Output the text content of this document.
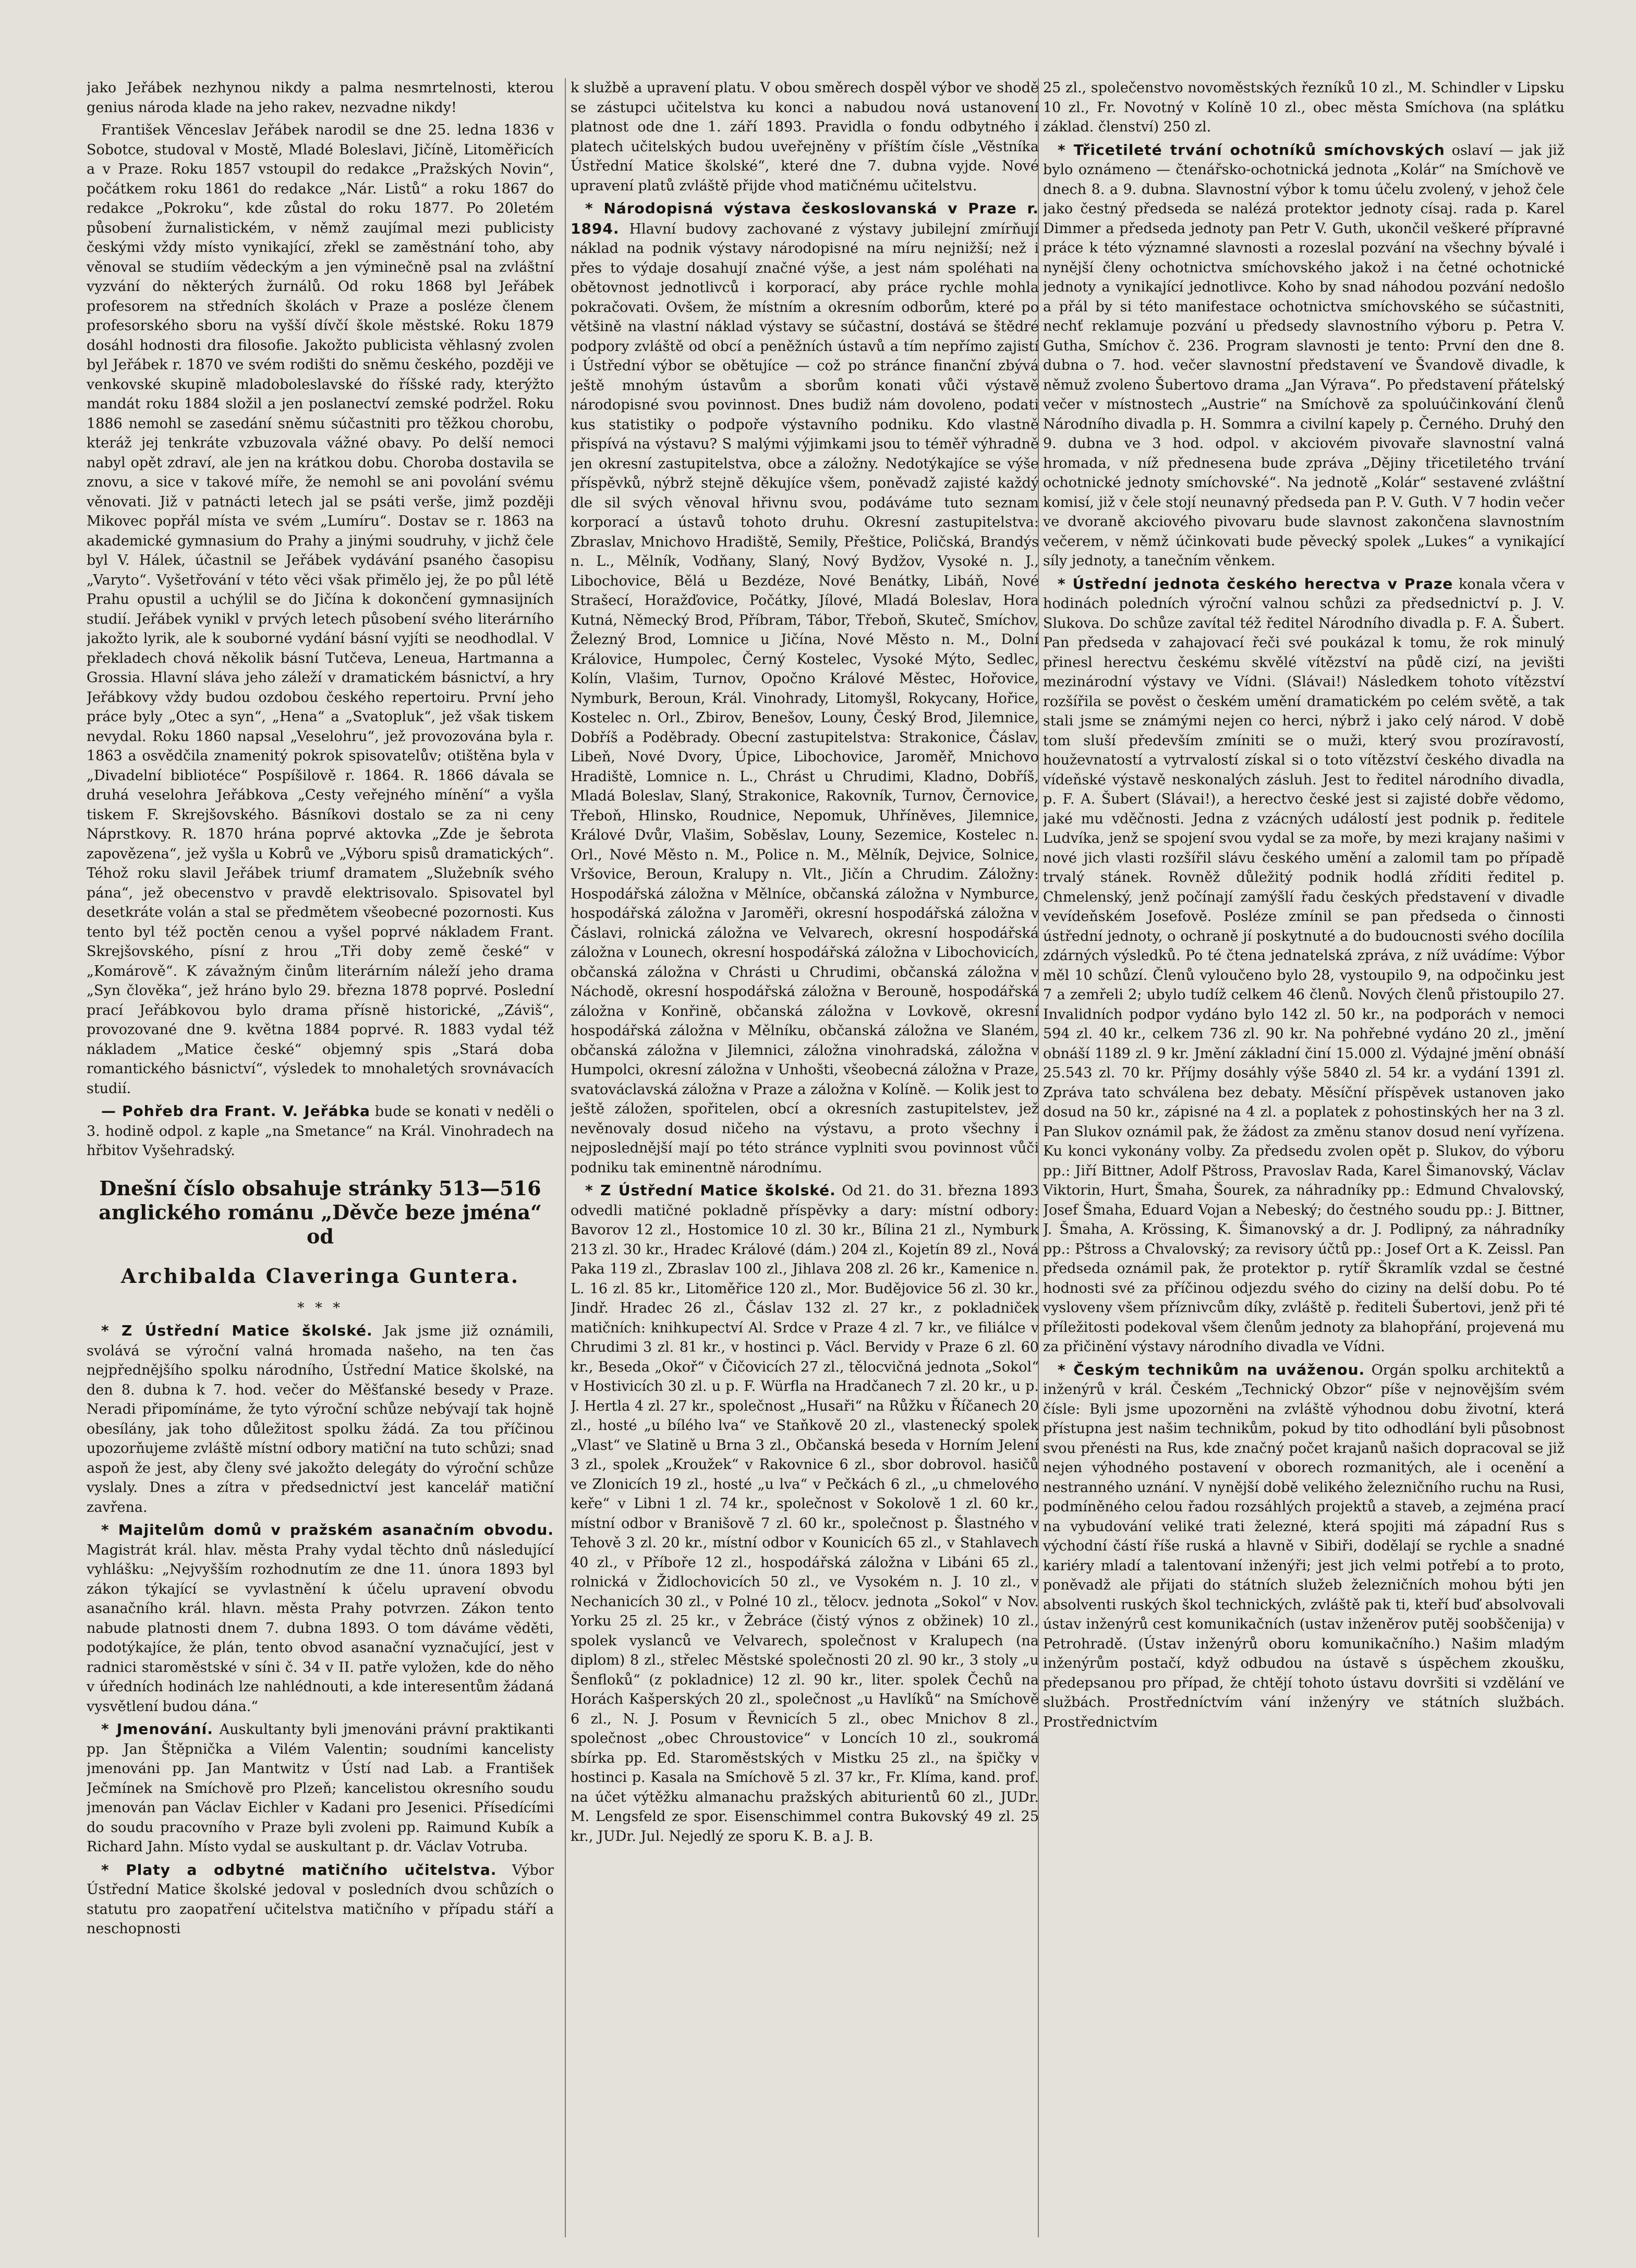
jako Jeřábek nezhynou nikdy a palma nesmrtelnosti, kterou genius národa klade na jeho rakev, nezvadne nikdy!

František Věnceslav Jeřábek narodil se dne 25. ledna 1836 v Sobotce, studoval v Mostě, Mladé Boleslavi, Jičíně, Litoměřicích a v Praze. Roku 1857 vstoupil do redakce „Pražských Novin“, počátkem roku 1861 do redakce „Nár. Listů“ a roku 1867 do redakce „Pokroku“, kde zůstal do roku 1877. Po 20letém působení žurnalistickém, v němž zaujímal mezi publicisty českými vždy místo vynikající, zřekl se zaměstnání toho, aby věnoval se studiím vědeckým a jen výminečně psal na zvláštní vyzvání do některých žurnálů. Od roku 1868 byl Jeřábek profesorem na středních školách v Praze a posléze členem profesorského sboru na vyšší dívčí škole městské. Roku 1879 dosáhl hodnosti dra filosofie. Jakožto publicista věhlasný zvolen byl Jeřábek r. 1870 ve svém rodišti do sněmu českého, později ve venkovské skupině mladoboleslavské do říšské rady, kterýžto mandát roku 1884 složil a jen poslanectví zemské podržel. Roku 1886 nemohl se zasedání sněmu súčastniti pro těžkou chorobu, kteráž jej tenkráte vzbuzovala vážné obavy. Po delší nemoci nabyl opět zdraví, ale jen na krátkou dobu. Choroba dostavila se znovu, a sice v takové míře, že nemohl se ani povolání svému věnovati. Již v patnácti letech jal se psáti verše, jimž později Mikovec popřál místa ve svém „Lumíru“. Dostav se r. 1863 na akademické gymnasium do Prahy a jinými soudruhy, v jichž čele byl V. Hálek, účastnil se Jeřábek vydávání psaného časopisu „Varyto“. Vyšetřování v této věci však přimělo jej, že po půl létě Prahu opustil a uchýlil se do Jičína k dokončení gymnasijních studií. Jeřábek vynikl v prvých letech působení svého literárního jakožto lyrik, ale k souborné vydání básní vyjíti se neodhodlal. V překladech chová několik básní Tutčeva, Leneua, Hartmanna a Grossia. Hlavní sláva jeho záleží v dramatickém básnictví, a hry Jeřábkovy vždy budou ozdobou českého repertoiru. První jeho práce byly „Otec a syn“, „Hena“ a „Svatopluk“, jež však tiskem nevydal. Roku 1860 napsal „Veselohru“, jež provozována byla r. 1863 a osvědčila znamenitý pokrok spisovatelův; otištěna byla v „Divadelní bibliotéce“ Pospíšilově r. 1864. R. 1866 dávala se druhá veselohra Jeřábkova „Cesty veřejného mínění“ a vyšla tiskem F. Skrejšovského. Básníkovi dostalo se za ni ceny Náprstkovy. R. 1870 hrána poprvé aktovka „Zde je šebrota zapovězena“, jež vyšla u Kobrů ve „Výboru spisů dramatických“. Téhož roku slavil Jeřábek triumf dramatem „Služebník svého pána“, jež obecenstvo v pravdě elektrisovalo. Spisovatel byl desetkráte volán a stal se předmětem všeobecné pozornosti. Kus tento byl též poctěn cenou a vyšel poprvé nákladem Frant. Skrejšovského, písní z hrou „Tři doby země české“ v „Komárově“. K závažným činům literárním náleží jeho drama „Syn člověka“, jež hráno bylo 29. března 1878 poprvé. Poslední prací Jeřábkovou bylo drama přísně historické, „Záviš“, provozované dne 9. května 1884 poprvé. R. 1883 vydal též nákladem „Matice české“ objemný spis „Stará doba romantického básnictví“, výsledek to mnohaletých srovnávacích studií.

— Pohřeb dra Frant. V. Jeřábka bude se konati v neděli o 3. hodině odpol. z kaple „na Smetance“ na Král. Vinohradech na hřbitov Vyšehradský.

Dnešní číslo obsahuje stránky 513—516 anglického románu „Děvče beze jména“ od

Archibalda Claveringa Guntera.

* * *

* Z Ústřední Matice školské. Jak jsme již oznámili, svolává se výroční valná hromada našeho, na ten čas nejpřednějšího spolku národního, Ústřední Matice školské, na den 8. dubna k 7. hod. večer do Měšťanské besedy v Praze. Neradi připomínáme, že tyto výroční schůze nebývají tak hojně obesílány, jak toho důležitost spolku žádá. Za tou příčinou upozorňujeme zvláště místní odbory matiční na tuto schůzi; snad aspoň že jest, aby členy své jakožto delegáty do výroční schůze vyslaly. Dnes a zítra v předsednictví jest kancelář matiční zavřena.

* Majitelům domů v pražském asanačním obvodu. Magistrát král. hlav. města Prahy vydal těchto dnů následující vyhlášku: „Nejvyšším rozhodnutím ze dne 11. února 1893 byl zákon týkající se vyvlastnění k účelu upravení obvodu asanačního král. hlavn. města Prahy potvrzen. Zákon tento nabude platnosti dnem 7. dubna 1893. O tom dáváme věděti, podotýkajíce, že plán, tento obvod asanační vyznačující, jest v radnici staroměstské v síni č. 34 v II. patře vyložen, kde do něho v úředních hodinách lze nahlédnouti, a kde interesentům žádaná vysvětlení budou dána.“

* Jmenování. Auskultanty byli jmenováni právní praktikanti pp. Jan Štěpnička a Vilém Valentin; soudními kancelisty jmenováni pp. Jan Mantwitz v Ústí nad Lab. a František Ječmínek na Smíchově pro Plzeň; kancelistou okresního soudu jmenován pan Václav Eichler v Kadani pro Jesenici. Přísedícími do soudu pracovního v Praze byli zvoleni pp. Raimund Kubík a Richard Jahn. Místo vydal se auskultant p. dr. Václav Votruba.

* Platy a odbytné matičního učitelstva. Výbor Ústřední Matice školské jedoval v posledních dvou schůzích o statutu pro zaopatření učitelstva matičního v případu stáří a neschopnosti

k službě a upravení platu. V obou směrech dospěl výbor ve shodě se zástupci učitelstva ku konci a nabudou nová ustanovení platnost ode dne 1. září 1893. Pravidla o fondu odbytného i platech učitelských budou uveřejněny v příštím čísle „Věstníka Ústřední Matice školské“, které dne 7. dubna vyjde. Nové upravení platů zvláště přijde vhod matičnému učitelstvu.

* Národopisná výstava českoslovanská v Praze r. 1894. Hlavní budovy zachované z výstavy jubilejní zmírňují náklad na podnik výstavy národopisné na míru nejnižší; než i přes to výdaje dosahují značné výše, a jest nám spoléhati na obětovnost jednotlivců i korporací, aby práce rychle mohla pokračovati. Ovšem, že místním a okresním odborům, které po většině na vlastní náklad výstavy se súčastní, dostává se štědré podpory zvláště od obcí a peněžních ústavů a tím nepřímo zajistí i Ústřední výbor se obětujíce — což po stránce finanční zbývá ještě mnohým ústavům a sborům konati vůči výstavě národopisné svou povinnost. Dnes budiž nám dovoleno, podati kus statistiky o podpoře výstavního podniku. Kdo vlastně přispívá na výstavu? S malými výjimkami jsou to téměř výhradně jen okresní zastupitelstva, obce a záložny. Nedotýkajíce se výše příspěvků, nýbrž stejně děkujíce všem, poněvadž zajisté každý dle sil svých věnoval hřivnu svou, podáváme tuto seznam korporací a ústavů tohoto druhu. Okresní zastupitelstva: Zbraslav, Mnichovo Hradiště, Semily, Přeštice, Poličská, Brandýs n. L., Mělník, Vodňany, Slaný, Nový Bydžov, Vysoké n. J., Libochovice, Bělá u Bezdéze, Nové Benátky, Libáň, Nové Strašecí, Horažďovice, Počátky, Jílové, Mladá Boleslav, Hora Kutná, Německý Brod, Příbram, Tábor, Třeboň, Skuteč, Smíchov, Železný Brod, Lomnice u Jičína, Nové Město n. M., Dolní Královice, Humpolec, Černý Kostelec, Vysoké Mýto, Sedlec, Kolín, Vlašim, Turnov, Opočno Králové Městec, Hořovice, Nymburk, Beroun, Král. Vinohrady, Litomyšl, Rokycany, Hořice, Kostelec n. Orl., Zbirov, Benešov, Louny, Český Brod, Jilemnice, Dobříš a Poděbrady. Obecní zastupitelstva: Strakonice, Čáslav, Libeň, Nové Dvory, Úpice, Libochovice, Jaroměř, Mnichovo Hradiště, Lomnice n. L., Chrást u Chrudimi, Kladno, Dobříš, Mladá Boleslav, Slaný, Strakonice, Rakovník, Turnov, Černovice, Třeboň, Hlinsko, Roudnice, Nepomuk, Uhříněves, Jilemnice, Králové Dvůr, Vlašim, Soběslav, Louny, Sezemice, Kostelec n. Orl., Nové Město n. M., Police n. M., Mělník, Dejvice, Solnice, Vršovice, Beroun, Kralupy n. Vlt., Jičín a Chrudim. Záložny: Hospodářská záložna v Mělníce, občanská záložna v Nymburce, hospodářská záložna v Jaroměři, okresní hospodářská záložna v Čáslavi, rolnická záložna ve Velvarech, okresní hospodářská záložna v Lounech, okresní hospodářská záložna v Libochovicích, občanská záložna v Chrásti u Chrudimi, občanská záložna v Náchodě, okresní hospodářská záložna v Berouně, hospodářská záložna v Konřině, občanská záložna v Lovkově, okresní hospodářská záložna v Mělníku, občanská záložna ve Slaném, občanská záložna v Jilemnici, záložna vinohradská, záložna v Humpolci, okresní záložna v Unhošti, všeobecná záložna v Praze, svatováclavská záložna v Praze a záložna v Kolíně. — Kolik jest to ještě záložen, spořitelen, obcí a okresních zastupitelstev, jež nevěnovaly dosud ničeho na výstavu, a proto všechny i nejposlednější mají po této stránce vyplniti svou povinnost vůči podniku tak eminentně národnímu.

* Z Ústřední Matice školské. Od 21. do 31. března 1893 odvedli matičné pokladně příspěvky a dary: místní odbory: Bavorov 12 zl., Hostomice 10 zl. 30 kr., Bílina 21 zl., Nymburk 213 zl. 30 kr., Hradec Králové (dám.) 204 zl., Kojetín 89 zl., Nová Paka 119 zl., Zbraslav 100 zl., Jihlava 208 zl. 26 kr., Kamenice n. L. 16 zl. 85 kr., Litoměřice 120 zl., Mor. Budějovice 56 zl. 30 kr., Jindř. Hradec 26 zl., Čáslav 132 zl. 27 kr., z pokladniček matičních: knihkupectví Al. Srdce v Praze 4 zl. 7 kr., ve filiálce v Chrudimi 3 zl. 81 kr., v hostinci p. Václ. Bervidy v Praze 6 zl. 60 kr., Beseda „Okoř“ v Čičovicích 27 zl., tělocvičná jednota „Sokol“ v Hostivicích 30 zl. u p. F. Würfla na Hradčanech 7 zl. 20 kr., u p. J. Hertla 4 zl. 27 kr., společnost „Husaři“ na Růžku v Říčanech 20 zl., hosté „u bílého lva“ ve Staňkově 20 zl., vlastenecký spolek „Vlast“ ve Slatině u Brna 3 zl., Občanská beseda v Horním Jelení 3 zl., spolek „Kroužek“ v Rakovnice 6 zl., sbor dobrovol. hasičů ve Zlonicích 19 zl., hosté „u lva“ v Pečkách 6 zl., „u chmelového keře“ v Libni 1 zl. 74 kr., společnost v Sokolově 1 zl. 60 kr., místní odbor v Branišově 7 zl. 60 kr., společnost p. Šlastného v Tehově 3 zl. 20 kr., místní odbor v Kounicích 65 zl., v Stahlavech 40 zl., v Příboře 12 zl., hospodářská záložna v Libáni 65 zl., rolnická v Židlochovicích 50 zl., ve Vysokém n. J. 10 zl., v Nechanicích 30 zl., v Polné 10 zl., tělocv. jednota „Sokol“ v Nov. Yorku 25 zl. 25 kr., v Žebráce (čistý výnos z obžinek) 10 zl., spolek vyslanců ve Velvarech, společnost v Kralupech (na diplom) 8 zl., střelec Městské společnosti 20 zl. 90 kr., 3 stoly „u Šenfloků“ (z pokladnice) 12 zl. 90 kr., liter. spolek Čechů na Horách Kašperských 20 zl., společnost „u Havlíků“ na Smíchově 6 zl., N. J. Posum v Řevnicích 5 zl., obec Mnichov 8 zl., společnost „obec Chroustovice“ v Loncích 10 zl., soukromá sbírka pp. Ed. Staroměstských v Mistku 25 zl., na špičky v hostinci p. Kasala na Smíchově 5 zl. 37 kr., Fr. Klíma, kand. prof. na účet výtěžku almanachu pražských abiturientů 60 zl., JUDr. M. Lengsfeld ze spor. Eisenschimmel contra Bukovský 49 zl. 25 kr., JUDr. Jul. Nejedlý ze sporu K. B. a J. B.

25 zl., společenstvo novoměstských řezníků 10 zl., M. Schindler v Lipsku 10 zl., Fr. Novotný v Kolíně 10 zl., obec města Smíchova (na splátku základ. členství) 250 zl.

* Třicetileté trvání ochotníků smíchovských oslaví — jak již bylo oznámeno — čtenářsko-ochotnická jednota „Kolár“ na Smíchově ve dnech 8. a 9. dubna. Slavnostní výbor k tomu účelu zvolený, v jehož čele jako čestný předseda se nalézá protektor jednoty císaj. rada p. Karel Dimmer a předseda jednoty pan Petr V. Guth, ukončil veškeré přípravné práce k této významné slavnosti a rozeslal pozvání na všechny bývalé i nynější členy ochotnictva smíchovského jakož i na četné ochotnické jednoty a vynikající jednotlivce. Koho by snad náhodou pozvání nedošlo a přál by si této manifestace ochotnictva smíchovského se súčastniti, nechť reklamuje pozvání u předsedy slavnostního výboru p. Petra V. Gutha, Smíchov č. 236. Program slavnosti je tento: První den dne 8. dubna o 7. hod. večer slavnostní představení ve Švandově divadle, k němuž zvoleno Šubertovo drama „Jan Výrava“. Po představení přátelský večer v místnostech „Austrie“ na Smíchově za spoluúčinkování členů Národního divadla p. H. Sommra a civilní kapely p. Černého. Druhý den 9. dubna ve 3 hod. odpol. v akciovém pivovaře slavnostní valná hromada, v níž přednesena bude zpráva „Dějiny třicetiletého trvání ochotnické jednoty smíchovské“. Na jednotě „Kolár“ sestavené zvláštní komisí, již v čele stojí neunavný předseda pan P. V. Guth. V 7 hodin večer ve dvoraně akciového pivovaru bude slavnost zakončena slavnostním večerem, v němž účinkovati bude pěvecký spolek „Lukes“ a vynikající síly jednoty, a tanečním věnkem.

* Ústřední jednota českého herectva v Praze konala včera v hodinách poledních výroční valnou schůzi za předsednictví p. J. V. Slukova. Do schůze zavítal též ředitel Národního divadla p. F. A. Šubert. Pan předseda v zahajovací řeči své poukázal k tomu, že rok minulý přinesl herectvu českému skvělé vítězství na půdě cizí, na jevišti mezinárodní výstavy ve Vídni. (Slávai!) Následkem tohoto vítězství rozšířila se pověst o českém umění dramatickém po celém světě, a tak stali jsme se známými nejen co herci, nýbrž i jako celý národ. V době tom sluší především zmíniti se o muži, který svou prozíravostí, houževnatostí a vytrvalostí získal si o toto vítězství českého divadla na vídeňské výstavě neskonalých zásluh. Jest to ředitel národního divadla, p. F. A. Šubert (Slávai!), a herectvo české jest si zajisté dobře vědomo, jaké mu vděčnosti. Jedna z vzácných událostí jest podnik p. ředitele Ludvíka, jenž se spojení svou vydal se za moře, by mezi krajany našimi v nové jich vlasti rozšířil slávu českého umění a zalomil tam po případě trvalý stánek. Rovněž důležitý podnik hodlá zříditi ředitel p. Chmelenský, jenž počínají zamýšlí řadu českých představení v divadle vevídeňském Josefově. Posléze zmínil se pan předseda o činnosti ústřední jednoty, o ochraně jí poskytnuté a do budoucnosti svého docílila zdárných výsledků. Po té čtena jednatelská zpráva, z níž uvádíme: Výbor měl 10 schůzí. Členů vyloučeno bylo 28, vystoupilo 9, na odpočinku jest 7 a zemřeli 2; ubylo tudíž celkem 46 členů. Nových členů přistoupilo 27. Invalidních podpor vydáno bylo 142 zl. 50 kr., na podporách v nemoci 594 zl. 40 kr., celkem 736 zl. 90 kr. Na pohřebné vydáno 20 zl., jmění obnáší 1189 zl. 9 kr. Jmění základní činí 15.000 zl. Výdajné jmění obnáší 25.543 zl. 70 kr. Příjmy dosáhly výše 5840 zl. 54 kr. a vydání 1391 zl. Zpráva tato schválena bez debaty. Měsíční příspěvek ustanoven jako dosud na 50 kr., zápisné na 4 zl. a poplatek z pohostinských her na 3 zl. Pan Slukov oznámil pak, že žádost za změnu stanov dosud není vyřízena. Ku konci vykonány volby. Za předsedu zvolen opět p. Slukov, do výboru pp.: Jiří Bittner, Adolf Pštross, Pravoslav Rada, Karel Šimanovský, Václav Viktorin, Hurt, Šmaha, Šourek, za náhradníky pp.: Edmund Chvalovský, Josef Šmaha, Eduard Vojan a Nebeský; do čestného soudu pp.: J. Bittner, J. Šmaha, A. Krössing, K. Šimanovský a dr. J. Podlipný, za náhradníky pp.: Pštross a Chvalovský; za revisory účtů pp.: Josef Ort a K. Zeissl. Pan předseda oznámil pak, že protektor p. rytíř Škramlík vzdal se čestné hodnosti své za příčinou odjezdu svého do ciziny na delší dobu. Po té vysloveny všem příznivcům díky, zvláště p. řediteli Šubertovi, jenž při té příležitosti podekoval všem členům jednoty za blahopřání, projevená mu za přičinění výstavy národního divadla ve Vídni.

* Českým technikům na uváženou. Orgán spolku architektů a inženýrů v král. Českém „Technický Obzor“ píše v nejnovějším svém čísle: Byli jsme upozorněni na zvláště výhodnou dobu životní, která přístupna jest našim technikům, pokud by tito odhodlání byli působnost svou přenésti na Rus, kde značný počet krajanů našich dopracoval se již nejen výhodného postavení v oborech rozmanitých, ale i ocenění a nestranného uznání. V nynější době velikého železničního ruchu na Rusi, podmíněného celou řadou rozsáhlých projektů a staveb, a zejména prací na vybudování veliké trati železné, která spojiti má západní Rus s východní částí říše ruská a hlavně v Sibiři, dodělají se rychle a snadné kariéry mladí a talentovaní inženýři; jest jich velmi potřebí a to proto, poněvadž ale přijati do státních služeb železničních mohou býti jen absolventi ruských škol technických, zvláště pak ti, kteří buď absolvovali ústav inženýrů cest komunikačních (ustav inženěrov putěj soobščenija) v Petrohradě. (Ústav inženýrů oboru komunikačního.) Našim mladým inženýrům postačí, když odbudou na ústavě s úspěchem zkoušku, předepsanou pro případ, že chtějí tohoto ústavu dovršiti si vzdělání ve službách. Prostředníctvím vání inženýry ve státních službách. Prostřednictvím
